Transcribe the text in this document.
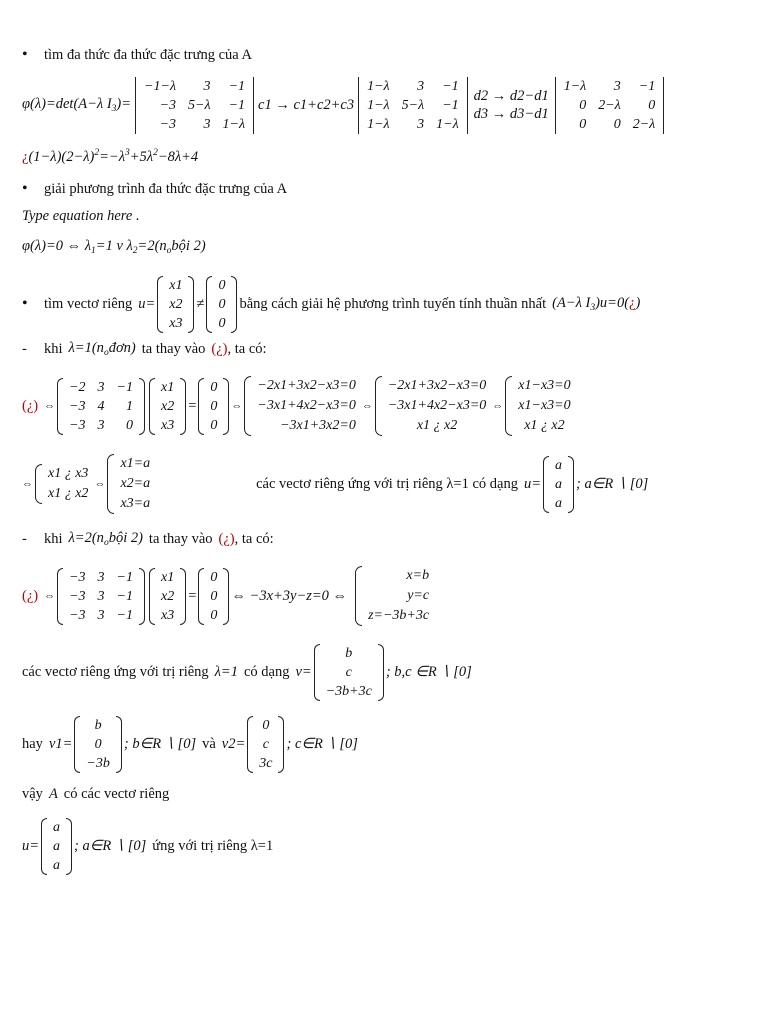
•	tìm đa thức đa thức đặc trưng của A
φ(λ)=det(A−λ $I_3)=$
−1−λ	3	−1
−3	5−λ	−1
−3	3	1−λ
c1 → c1+c2+c3
1−λ	3	−1
1−λ	5−λ	−1
1−λ	3	1−λ
d2 → d2−d1
d3 → d3−d1
1−λ	3	−1
0	2−λ	0
0	0	2−λ
¿ $(1-\lambda)(2-\lambda)^2=-\lambda^3+5\lambda^2-8\lambda+4$
•	giải phương trình đa thức đặc trưng của A
Type equation here .
φ(λ)=0 ⇔ $\lambda_1=1$ v $\lambda_2=2(n_obội$ 2)
•	tìm vectơ riêng u=
x1
x2
x3
≠
0
0
0
bằng cách giải hệ phương trình tuyến tính thuần nhất (A−λ $I_3)u=0(¿)$
-	khi $\lambda=1(n_ođơn)$ ta thay vào (¿) , ta có:
(¿) ⇔
−2	3	−1
−3	4	1
−3	3	0
x1
x2
x3
=
0
0
0
⇔
−2x1+3x2−x3=0
−3x1+4x2−x3=0
−3x1+3x2=0
⇔
−2x1+3x2−x3=0
−3x1+4x2−x3=0
x1 ¿ x2
⇔
x1−x3=0
x1−x3=0
x1 ¿ x2
⇔
x1 ¿ x3
x1 ¿ x2
⇔
x1=a
x2=a
x3=a
các vectơ riêng ứng với trị riêng λ=1 có dạng u=
a
a
a
; a∈R ∖ [0]
-	khi $\lambda=2(n_obội$ 2) ta thay vào (¿) , ta có:
(¿) ⇔
−3	3	−1
−3	3	−1
−3	3	−1
x1
x2
x3
=
0
0
0
⇔ −3x+3y−z=0 ⇔
x=b
y=c
z=−3b+3c
các vectơ riêng ứng với trị riêng λ=1 có dạng v=
b
c
−3b+3c
; b,c ∈R ∖ [0]
hay v1=
b
0
−3b
; b∈R ∖ [0] và v2=
0
c
3c
; c∈R ∖ [0]
vậy A có các vectơ riêng
u=
a
a
a
; a∈R ∖ [0] ứng với trị riêng λ=1
